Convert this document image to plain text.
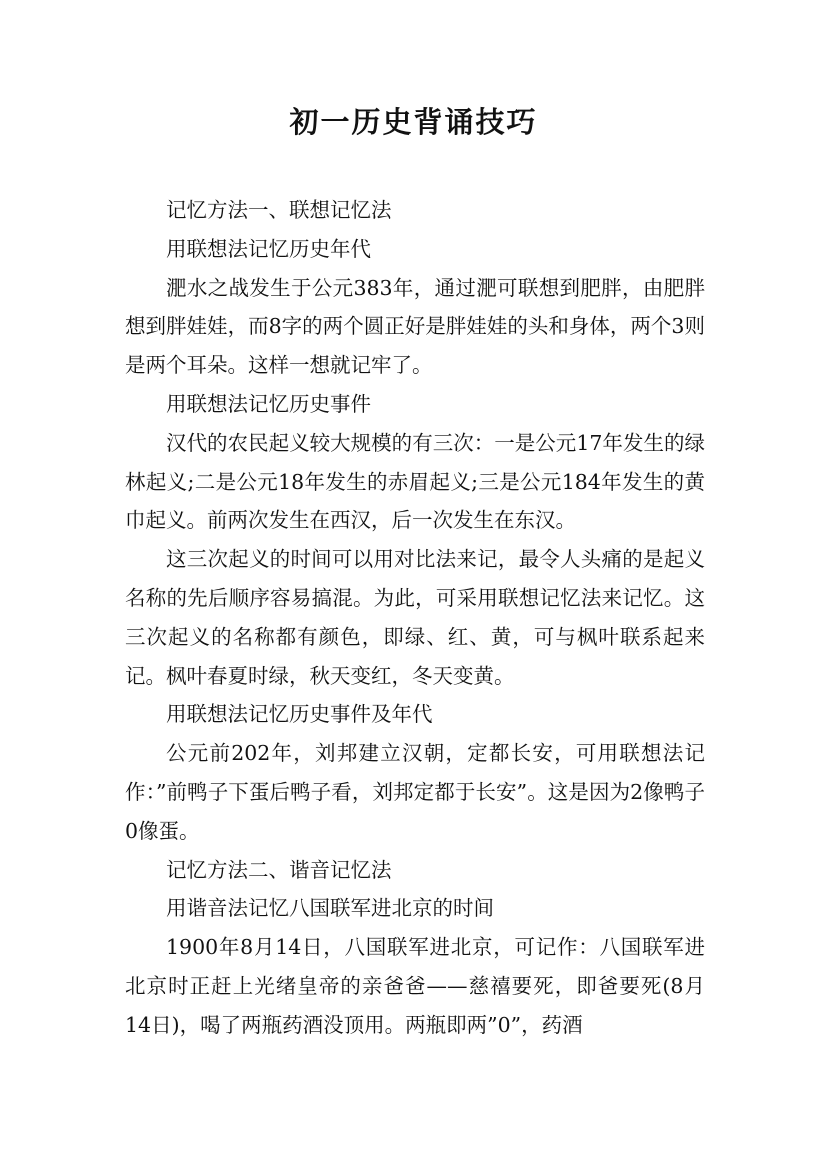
初一历史背诵技巧

记忆方法一、联想记忆法

用联想法记忆历史年代

淝水之战发生于公元383年，通过淝可联想到肥胖，由肥胖想到胖娃娃，而8字的两个圆正好是胖娃娃的头和身体，两个3则是两个耳朵。这样一想就记牢了。

用联想法记忆历史事件

汉代的农民起义较大规模的有三次：一是公元17年发生的绿林起义;二是公元18年发生的赤眉起义;三是公元184年发生的黄巾起义。前两次发生在西汉，后一次发生在东汉。

这三次起义的时间可以用对比法来记，最令人头痛的是起义名称的先后顺序容易搞混。为此，可采用联想记忆法来记忆。这三次起义的名称都有颜色，即绿、红、黄，可与枫叶联系起来记。枫叶春夏时绿，秋天变红，冬天变黄。

用联想法记忆历史事件及年代

公元前202年，刘邦建立汉朝，定都长安，可用联想法记作：”前鸭子下蛋后鸭子看，刘邦定都于长安”。这是因为2像鸭子0像蛋。

记忆方法二、谐音记忆法

用谐音法记忆八国联军进北京的时间

1900年8月14日，八国联军进北京，可记作：八国联军进北京时正赶上光绪皇帝的亲爸爸——慈禧要死，即爸要死(8月14日)，喝了两瓶药酒没顶用。两瓶即两”0”，药酒
